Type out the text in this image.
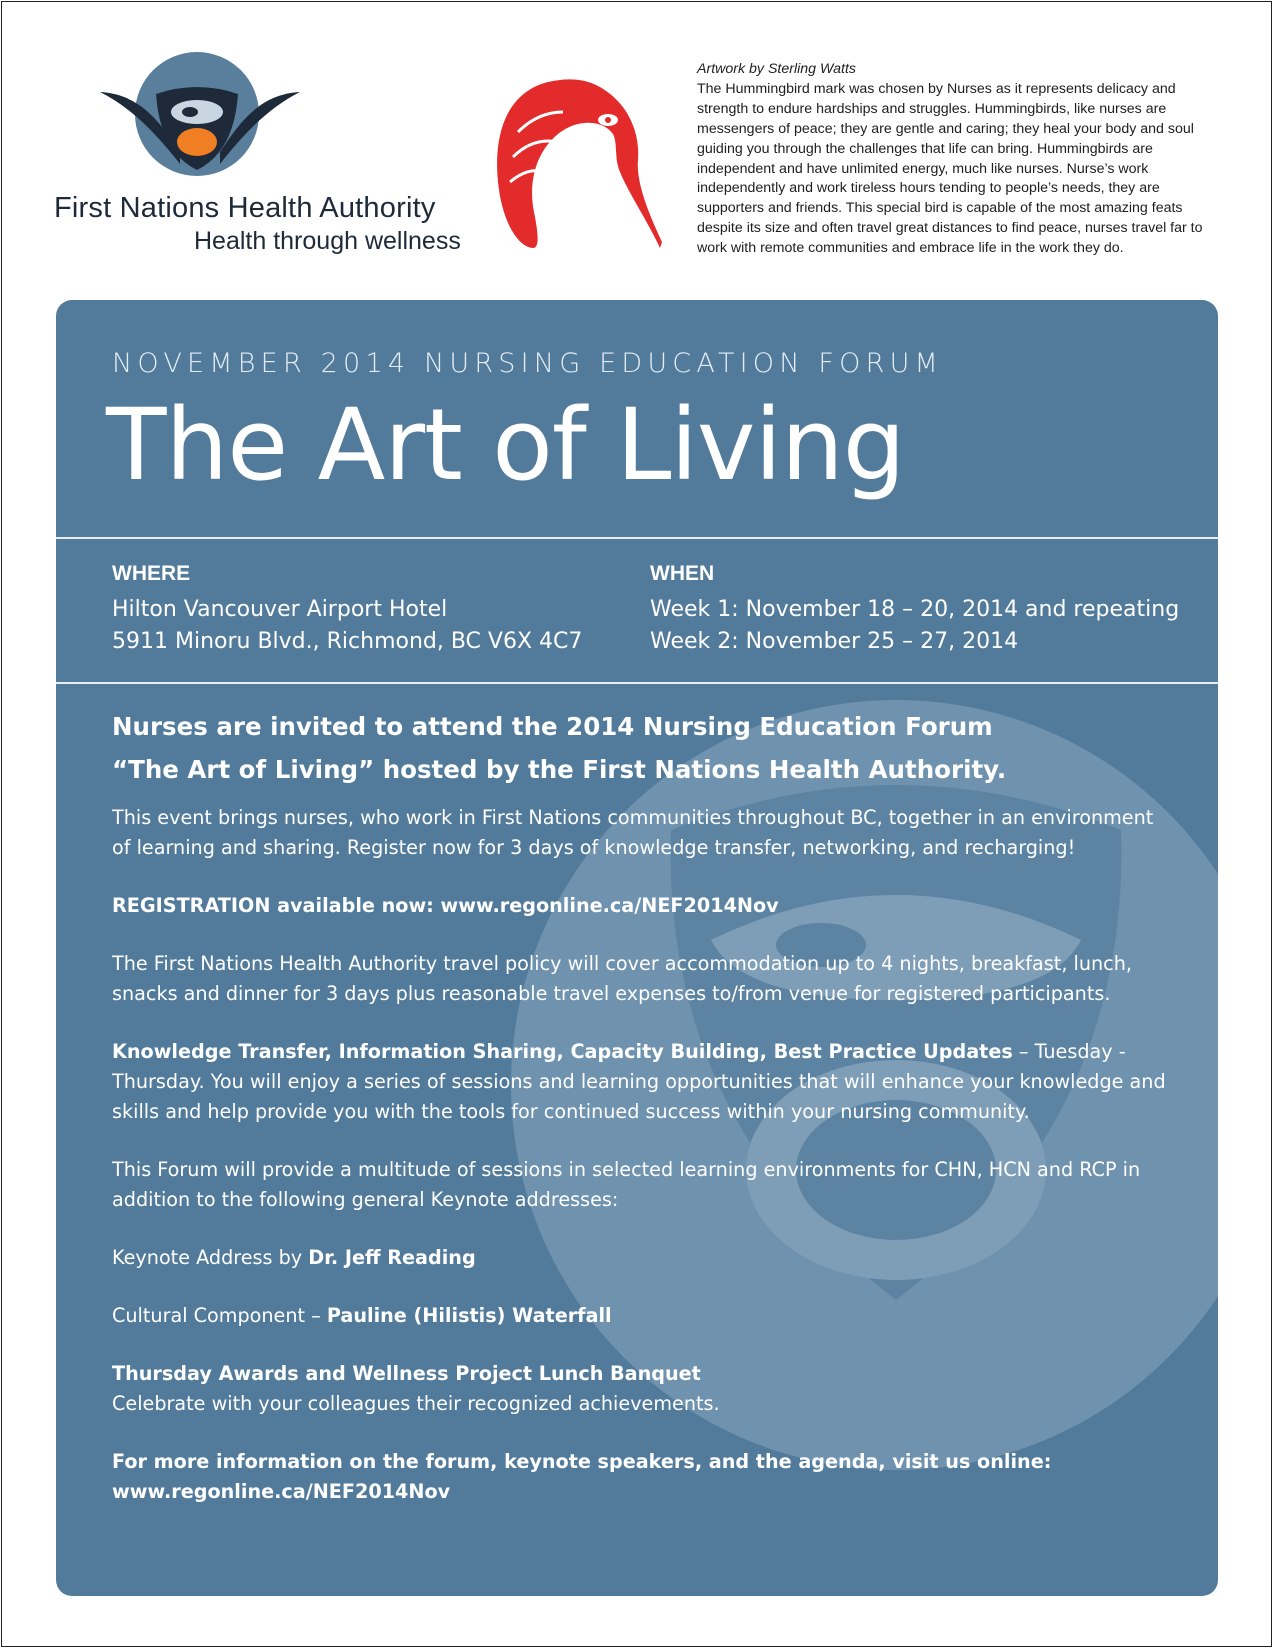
First Nations Health Authority
Health through wellness
Artwork by Sterling Watts
The Hummingbird mark was chosen by Nurses as it represents delicacy and strength to endure hardships and struggles. Hummingbirds, like nurses are messengers of peace; they are gentle and caring; they heal your body and soul guiding you through the challenges that life can bring. Hummingbirds are independent and have unlimited energy, much like nurses. Nurse’s work independently and work tireless hours tending to people’s needs, they are supporters and friends. This special bird is capable of the most amazing feats despite its size and often travel great distances to find peace, nurses travel far to work with remote communities and embrace life in the work they do.
NOVEMBER 2014 NURSING EDUCATION FORUM
The Art of Living
WHERE
Hilton Vancouver Airport Hotel
5911 Minoru Blvd., Richmond, BC V6X 4C7
WHEN
Week 1: November 18 – 20, 2014 and repeating
Week 2: November 25 – 27, 2014
Nurses are invited to attend the 2014 Nursing Education Forum
“The Art of Living” hosted by the First Nations Health Authority.

This event brings nurses, who work in First Nations communities throughout BC, together in an environment of learning and sharing. Register now for 3 days of knowledge transfer, networking, and recharging!

REGISTRATION available now: www.regonline.ca/NEF2014Nov

The First Nations Health Authority travel policy will cover accommodation up to 4 nights, breakfast, lunch, snacks and dinner for 3 days plus reasonable travel expenses to/from venue for registered participants.

Knowledge Transfer, Information Sharing, Capacity Building, Best Practice Updates – Tuesday - Thursday. You will enjoy a series of sessions and learning opportunities that will enhance your knowledge and skills and help provide you with the tools for continued success within your nursing community.

This Forum will provide a multitude of sessions in selected learning environments for CHN, HCN and RCP in addition to the following general Keynote addresses:

Keynote Address by Dr. Jeff Reading

Cultural Component – Pauline (Hilistis) Waterfall

Thursday Awards and Wellness Project Lunch Banquet
Celebrate with your colleagues their recognized achievements.

For more information on the forum, keynote speakers, and the agenda, visit us online:
www.regonline.ca/NEF2014Nov
